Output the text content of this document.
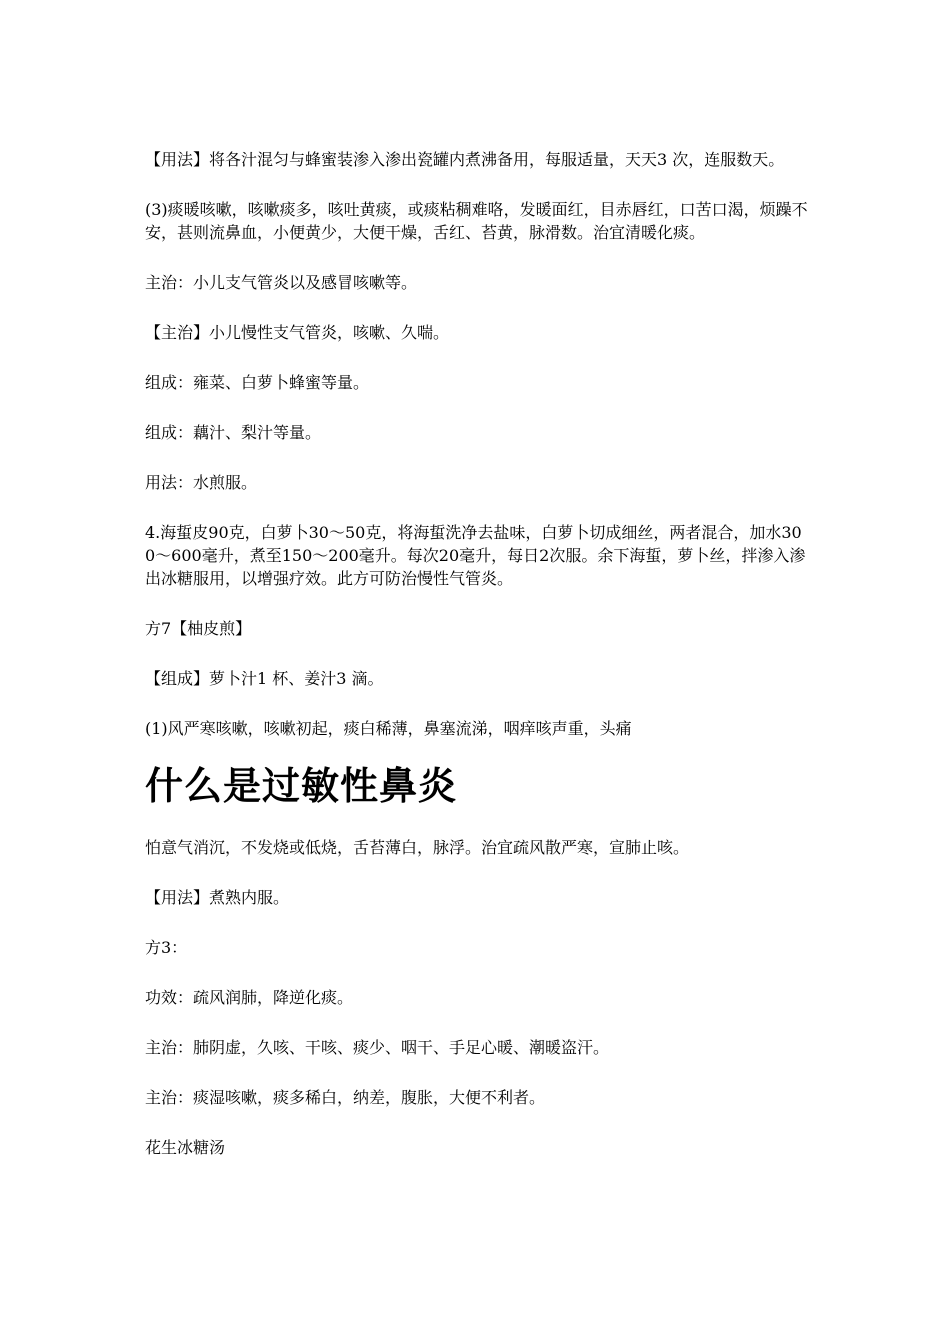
【用法】将各汁混匀与蜂蜜装渗入渗出瓷罐内煮沸备用，每服适量，天天3 次，连服数天。

(3)痰暖咳嗽，咳嗽痰多，咳吐黄痰，或痰粘稠难咯，发暖面红，目赤唇红，口苦口渴，烦躁不安，甚则流鼻血，小便黄少，大便干燥，舌红、苔黄，脉滑数。治宜清暖化痰。

主治：小儿支气管炎以及感冒咳嗽等。

【主治】小儿慢性支气管炎，咳嗽、久喘。

组成：雍菜、白萝卜蜂蜜等量。

组成：藕汁、梨汁等量。

用法：水煎服。

4.海蜇皮90克，白萝卜30～50克，将海蜇洗净去盐味，白萝卜切成细丝，两者混合，加水300～600毫升，煮至150～200毫升。每次20毫升，每日2次服。余下海蜇，萝卜丝，拌渗入渗出冰糖服用，以增强疗效。此方可防治慢性气管炎。

方7【柚皮煎】

【组成】萝卜汁1 杯、姜汁3 滴。

(1)风严寒咳嗽，咳嗽初起，痰白稀薄，鼻塞流涕，咽痒咳声重，头痛

什么是过敏性鼻炎

怕意气消沉，不发烧或低烧，舌苔薄白，脉浮。治宜疏风散严寒，宣肺止咳。

【用法】煮熟内服。

方3：

功效：疏风润肺，降逆化痰。

主治：肺阴虚，久咳、干咳、痰少、咽干、手足心暖、潮暖盗汗。

主治：痰湿咳嗽，痰多稀白，纳差，腹胀，大便不利者。

花生冰糖汤
